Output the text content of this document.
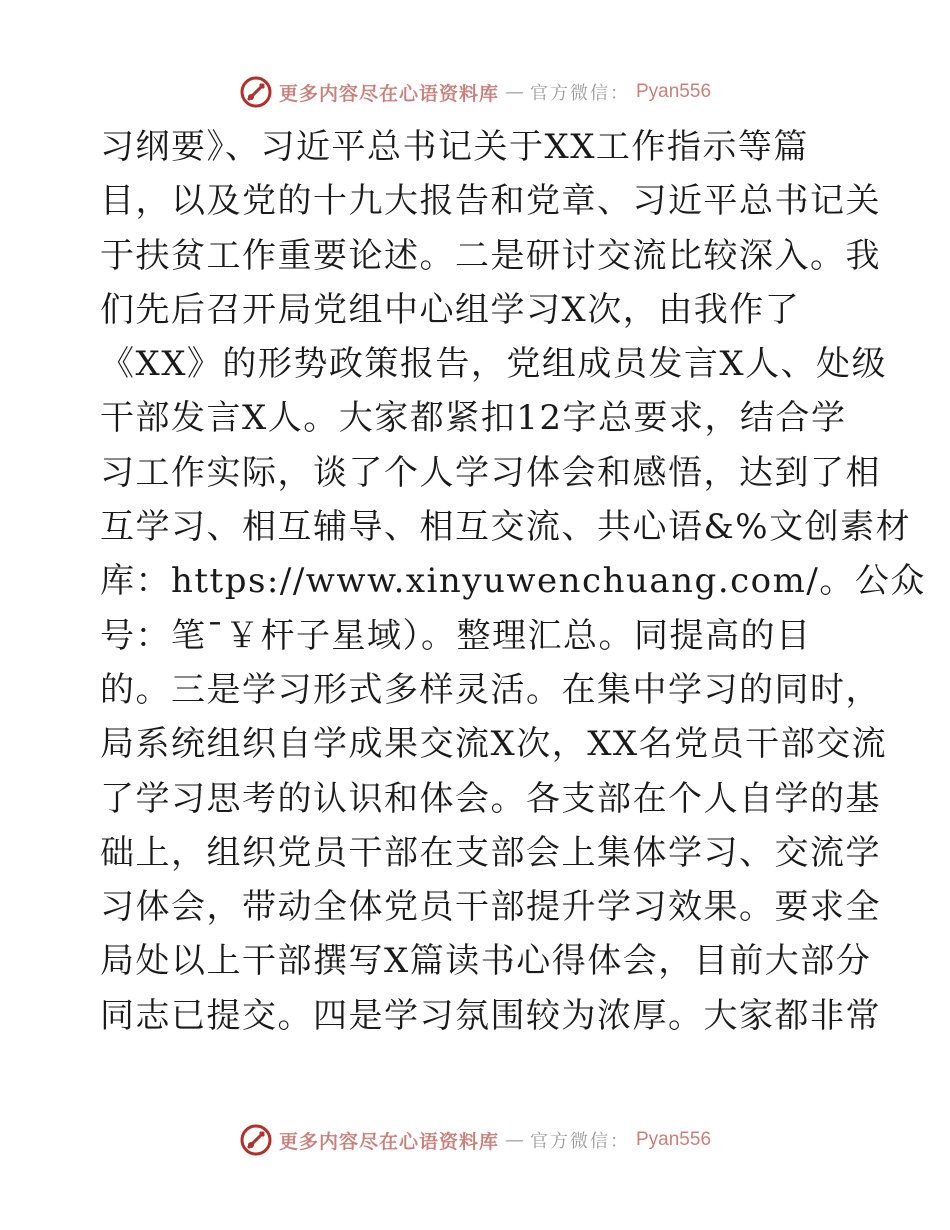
更多内容尽在心语资料库 — 官方微信： Pyan556
习纲要》、习近平总书记关于XX工作指示等篇
目，以及党的十九大报告和党章、习近平总书记关
于扶贫工作重要论述。二是研讨交流比较深入。我
们先后召开局党组中心组学习X次，由我作了
《XX》的形势政策报告，党组成员发言X人、处级
干部发言X人。大家都紧扣12字总要求，结合学
习工作实际，谈了个人学习体会和感悟，达到了相
互学习、相互辅导、相互交流、共心语&%文创素材
库：https://www.xinyuwenchuang.com/。公众
号：笔¯￥杆子星域）。整理汇总。同提高的目
的。三是学习形式多样灵活。在集中学习的同时，
局系统组织自学成果交流X次，XX名党员干部交流
了学习思考的认识和体会。各支部在个人自学的基
础上，组织党员干部在支部会上集体学习、交流学
习体会，带动全体党员干部提升学习效果。要求全
局处以上干部撰写X篇读书心得体会，目前大部分
同志已提交。四是学习氛围较为浓厚。大家都非常
更多内容尽在心语资料库 — 官方微信： Pyan556
